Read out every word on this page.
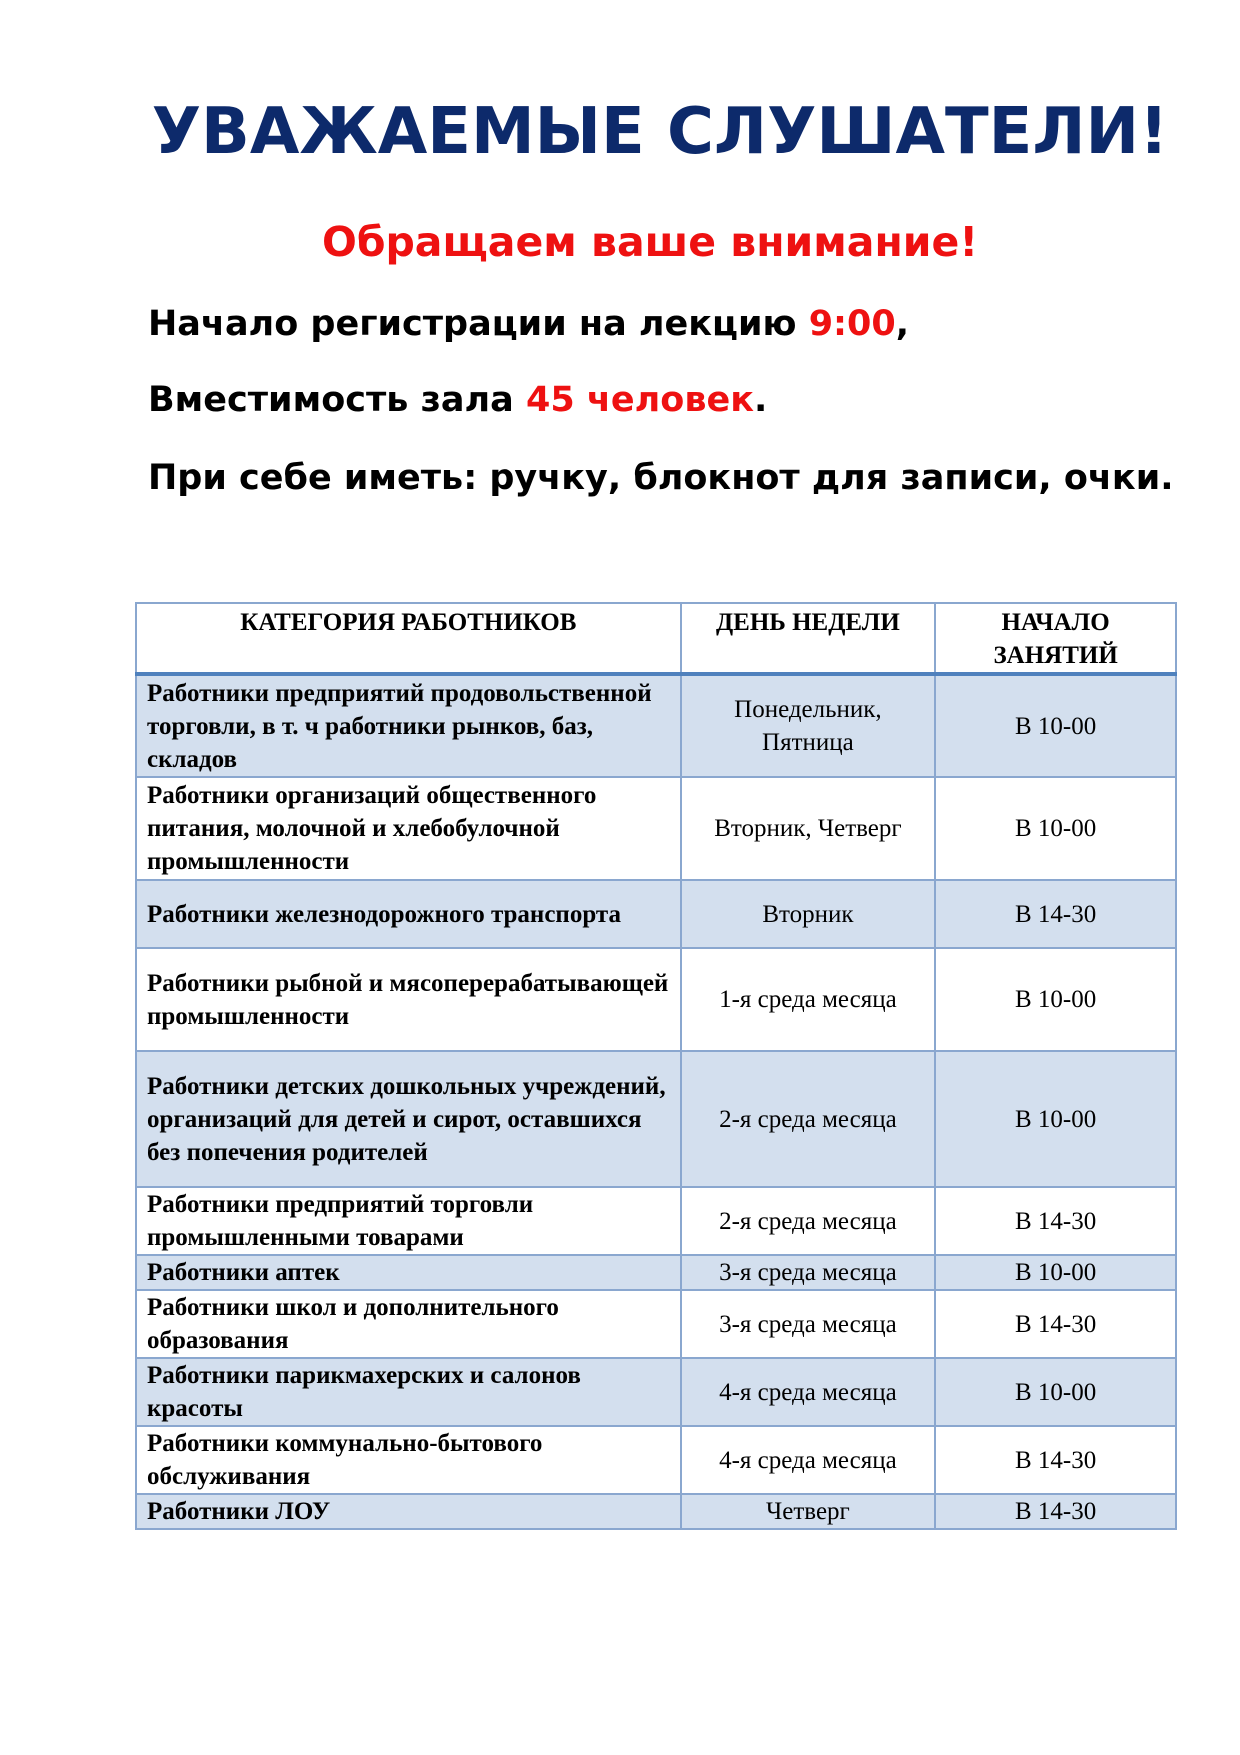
УВАЖАЕМЫЕ СЛУШАТЕЛИ!
Обращаем ваше внимание!
Начало регистрации на лекцию 9:00,
Вместимость зала 45 человек.
При себе иметь: ручку, блокнот для записи, очки.
КАТЕГОРИЯ РАБОТНИКОВ	ДЕНЬ НЕДЕЛИ	НАЧАЛО ЗАНЯТИЙ
Работники предприятий продовольственной торговли, в т. ч работники рынков, баз, складов	Понедельник, Пятница	В 10-00
Работники организаций общественного питания, молочной и хлебобулочной промышленности	Вторник, Четверг	В 10-00
Работники железнодорожного транспорта	Вторник	В 14-30
Работники рыбной и мясоперерабатывающей промышленности	1-я среда месяца	В 10-00
Работники детских дошкольных учреждений, организаций для детей и сирот, оставшихся без попечения родителей	2-я среда месяца	В 10-00
Работники предприятий торговли промышленными товарами	2-я среда месяца	В 14-30
Работники аптек	3-я среда месяца	В 10-00
Работники школ и дополнительного образования	3-я среда месяца	В 14-30
Работники парикмахерских и салонов красоты	4-я среда месяца	В 10-00
Работники коммунально-бытового обслуживания	4-я среда месяца	В 14-30
Работники ЛОУ	Четверг	В 14-30
